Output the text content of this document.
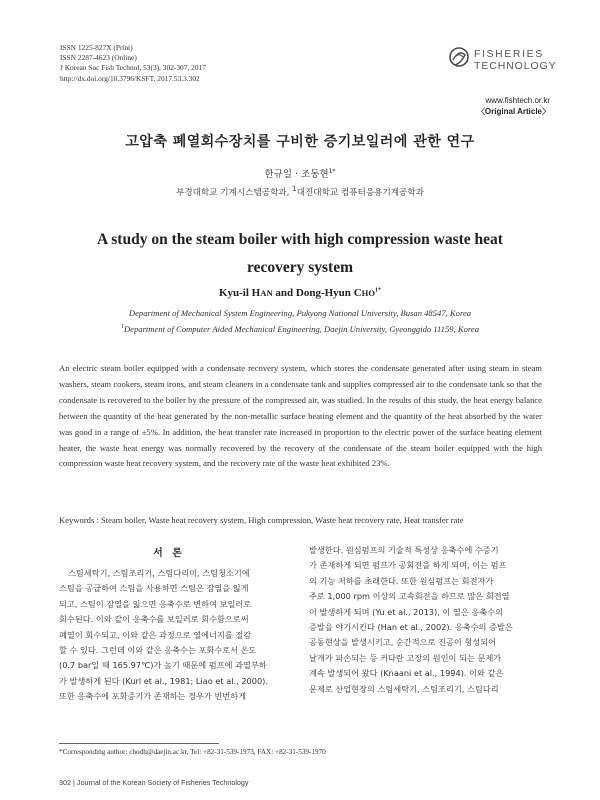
ISSN 1225-827X (Print)
ISSN 2287-4623 (Online)
J Korean Soc Fish Technol, 53(3), 302-307, 2017
http://dx.doi.org/10.3796/KSFT. 2017.53.3.302
FISHERIES
TECHNOLOGY
www.fishtech.or.kr
〈Original Article〉
고압축 폐열회수장치를 구비한 증기보일러에 관한 연구
한규일 · 조동현$^{1*}$
부경대학교 기계시스템공학과, $^1$대진대학교 컴퓨터응용기계공학과
A study on the steam boiler with high compression waste heat
recovery system
Kyu-il HAN and Dong-Hyun $CHO^{1*}$
Department of Mechanical System Engineering, Pukyong National University, Busan 48547, Korea
$^1$Department of Computer Aided Mechanical Engineering, Daejin University, Gyeonggido 11159, Korea
An electric steam boiler equipped with a condensate recovery system, which stores the condensate generated after using steam in steam washers, steam cookers, steam irons, and steam cleaners in a condensate tank and supplies compressed air to the condensate tank so that the condensate is recovered to the boiler by the pressure of the compressed air, was studied. In the results of this study, the heat energy balance between the quantity of the heat generated by the non-metallic surface heating element and the quantity of the heat absorbed by the water was good in a range of ±5%. In addition, the heat transfer rate increased in proportion to the electric power of the surface heating element heater, the waste heat energy was normally recovered by the recovery of the condensate of the steam boiler equipped with the high compression waste heat recovery system, and the recovery rate of the waste heat exhibited 23%.
Keywords : Steam boiler, Waste heat recovery system, High compression, Waste heat recovery rate, Heat transfer rate
서 론
스팀세탁기, 스팀조리기, 스팀다리미, 스팀청소기에
스팀을 공급하여 스팀을 사용하면 스팀은 잠열을 잃게
되고, 스팀이 잠열을 잃으면 응축수로 변하여 보일러로
회수된다. 이와 같이 응축수를 보일러로 회수함으로써
폐열이 회수되고, 이와 같은 과정으로 열에너지를 절감
할 수 있다. 그런데 이와 같은 응축수는 포화수로서 온도
(0.7 bar일 때 165.97℃)가 높기 때문에 펌프에 과열부하
가 발생하게 된다 (Kurl et al., 1981; Liao et al., 2000).
또한 응축수에 포화증기가 존재하는 경우가 빈번하게
발생한다. 원심펌프의 기술적 특성상 응축수에 수증기
가 존재하게 되면 펌프가 공회전을 하게 되며, 이는 펌프
의 기능 저하를 초래한다. 또한 원심펌프는 회전자가
주로 1,000 rpm 이상의 고속회전을 하므로 많은 회전열
이 발생하게 되며 (Yu et al., 2013), 이 열은 응축수의
증발을 야기시킨다 (Han et al., 2002). 응축수의 증발은
공동현상을 발생시키고, 순간적으로 진공이 형성되어
날개가 파손되는 등 커다란 고장의 원인이 되는 문제가
계속 발생되어 왔다 (Knaani et al., 1994). 이와 같은
문제로 산업현장의 스팀세탁기, 스팀조리기, 스팀다리
*Corresponding author: chodh@daejin.ac.kr, Tel: +82-31-539-1973, FAX: +82-31-539-1970
302 | Journal of the Korean Society of Fisheries Technology
